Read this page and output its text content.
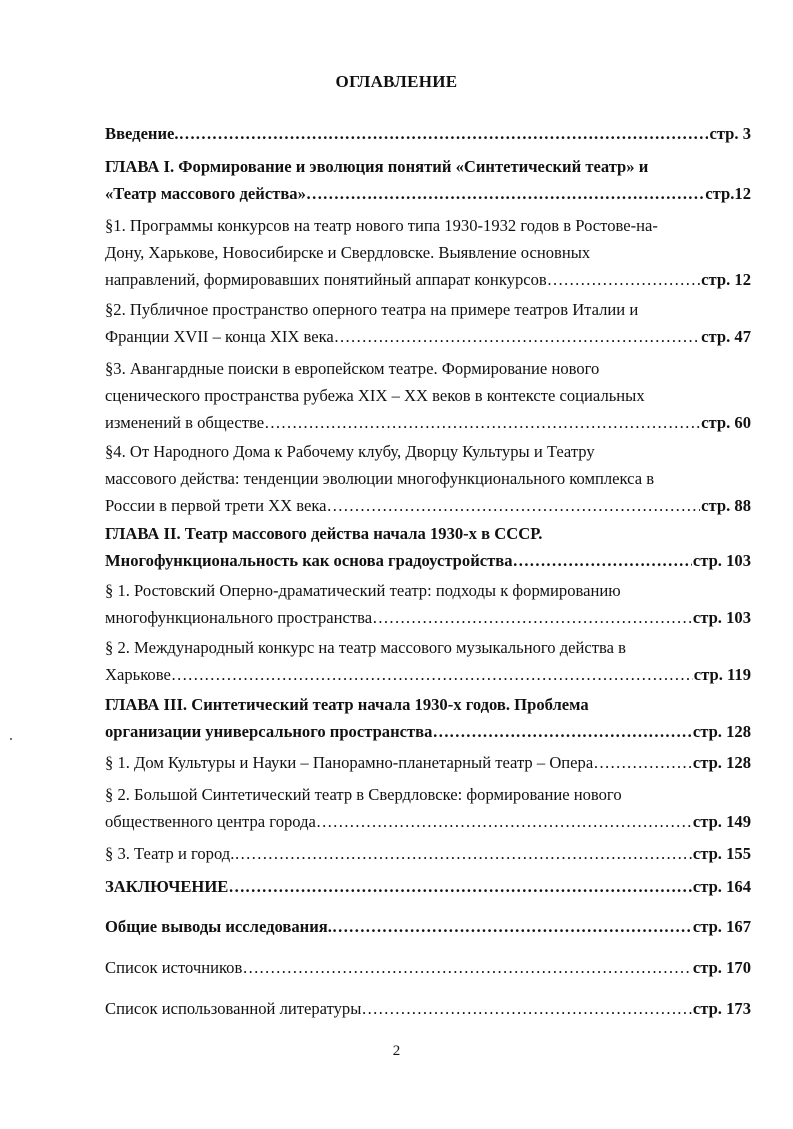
ОГЛАВЛЕНИЕ
Введение. ……………………………………………………………………………………………………………………………………………………………………	стр. 3
ГЛАВА I. Формирование и эволюция понятий «Синтетический театр» и
«Театр массового действа» ……………………………………………………………………………………………………………………………………………………………………	стр.12
§1. Программы конкурсов на театр нового типа 1930-1932 годов в Ростове-на-
Дону, Харькове, Новосибирске и Свердловске. Выявление основных
направлений, формировавших понятийный аппарат конкурсов ……………………………………………………………………………………………………………………………………………………………………	стр. 12
§2. Публичное пространство оперного театра на примере театров Италии и
Франции XVII – конца XIX века ……………………………………………………………………………………………………………………………………………………………………	стр. 47
§3. Авангардные поиски в европейском театре. Формирование нового
сценического пространства рубежа XIX – XX веков в контексте социальных
изменений в обществе ……………………………………………………………………………………………………………………………………………………………………	стр. 60
§4. От Народного Дома к Рабочему клубу, Дворцу Культуры и Театру
массового действа: тенденции эволюции многофункционального комплекса в
России в первой трети XX века ……………………………………………………………………………………………………………………………………………………………………	стр. 88
ГЛАВА II. Театр массового действа начала 1930-х в СССР.
Многофункциональность как основа градоустройства ……………………………………………………………………………………………………………………………………………………………………	стр. 103
§ 1. Ростовский Оперно-драматический театр: подходы к формированию
многофункционального пространства ……………………………………………………………………………………………………………………………………………………………………	стр. 103
§ 2. Международный конкурс на театр массового музыкального действа в
Харькове ……………………………………………………………………………………………………………………………………………………………………	стр. 119
ГЛАВА III. Синтетический театр начала 1930-х годов. Проблема
организации универсального пространства ……………………………………………………………………………………………………………………………………………………………………	стр. 128
§ 1. Дом Культуры и Науки – Панорамно-планетарный театр – Опера ……………………………………………………………………………………………………………………………………………………………………	стр. 128
§ 2. Большой Синтетический театр в Свердловске: формирование нового
общественного центра города ……………………………………………………………………………………………………………………………………………………………………	стр. 149
§ 3. Театр и город. ……………………………………………………………………………………………………………………………………………………………………	стр. 155
ЗАКЛЮЧЕНИЕ ……………………………………………………………………………………………………………………………………………………………………	стр. 164
Общие выводы исследования. ……………………………………………………………………………………………………………………………………………………………………	стр. 167
Список источников ……………………………………………………………………………………………………………………………………………………………………	стр. 170
Список использованной литературы ……………………………………………………………………………………………………………………………………………………………………	стр. 173
2
